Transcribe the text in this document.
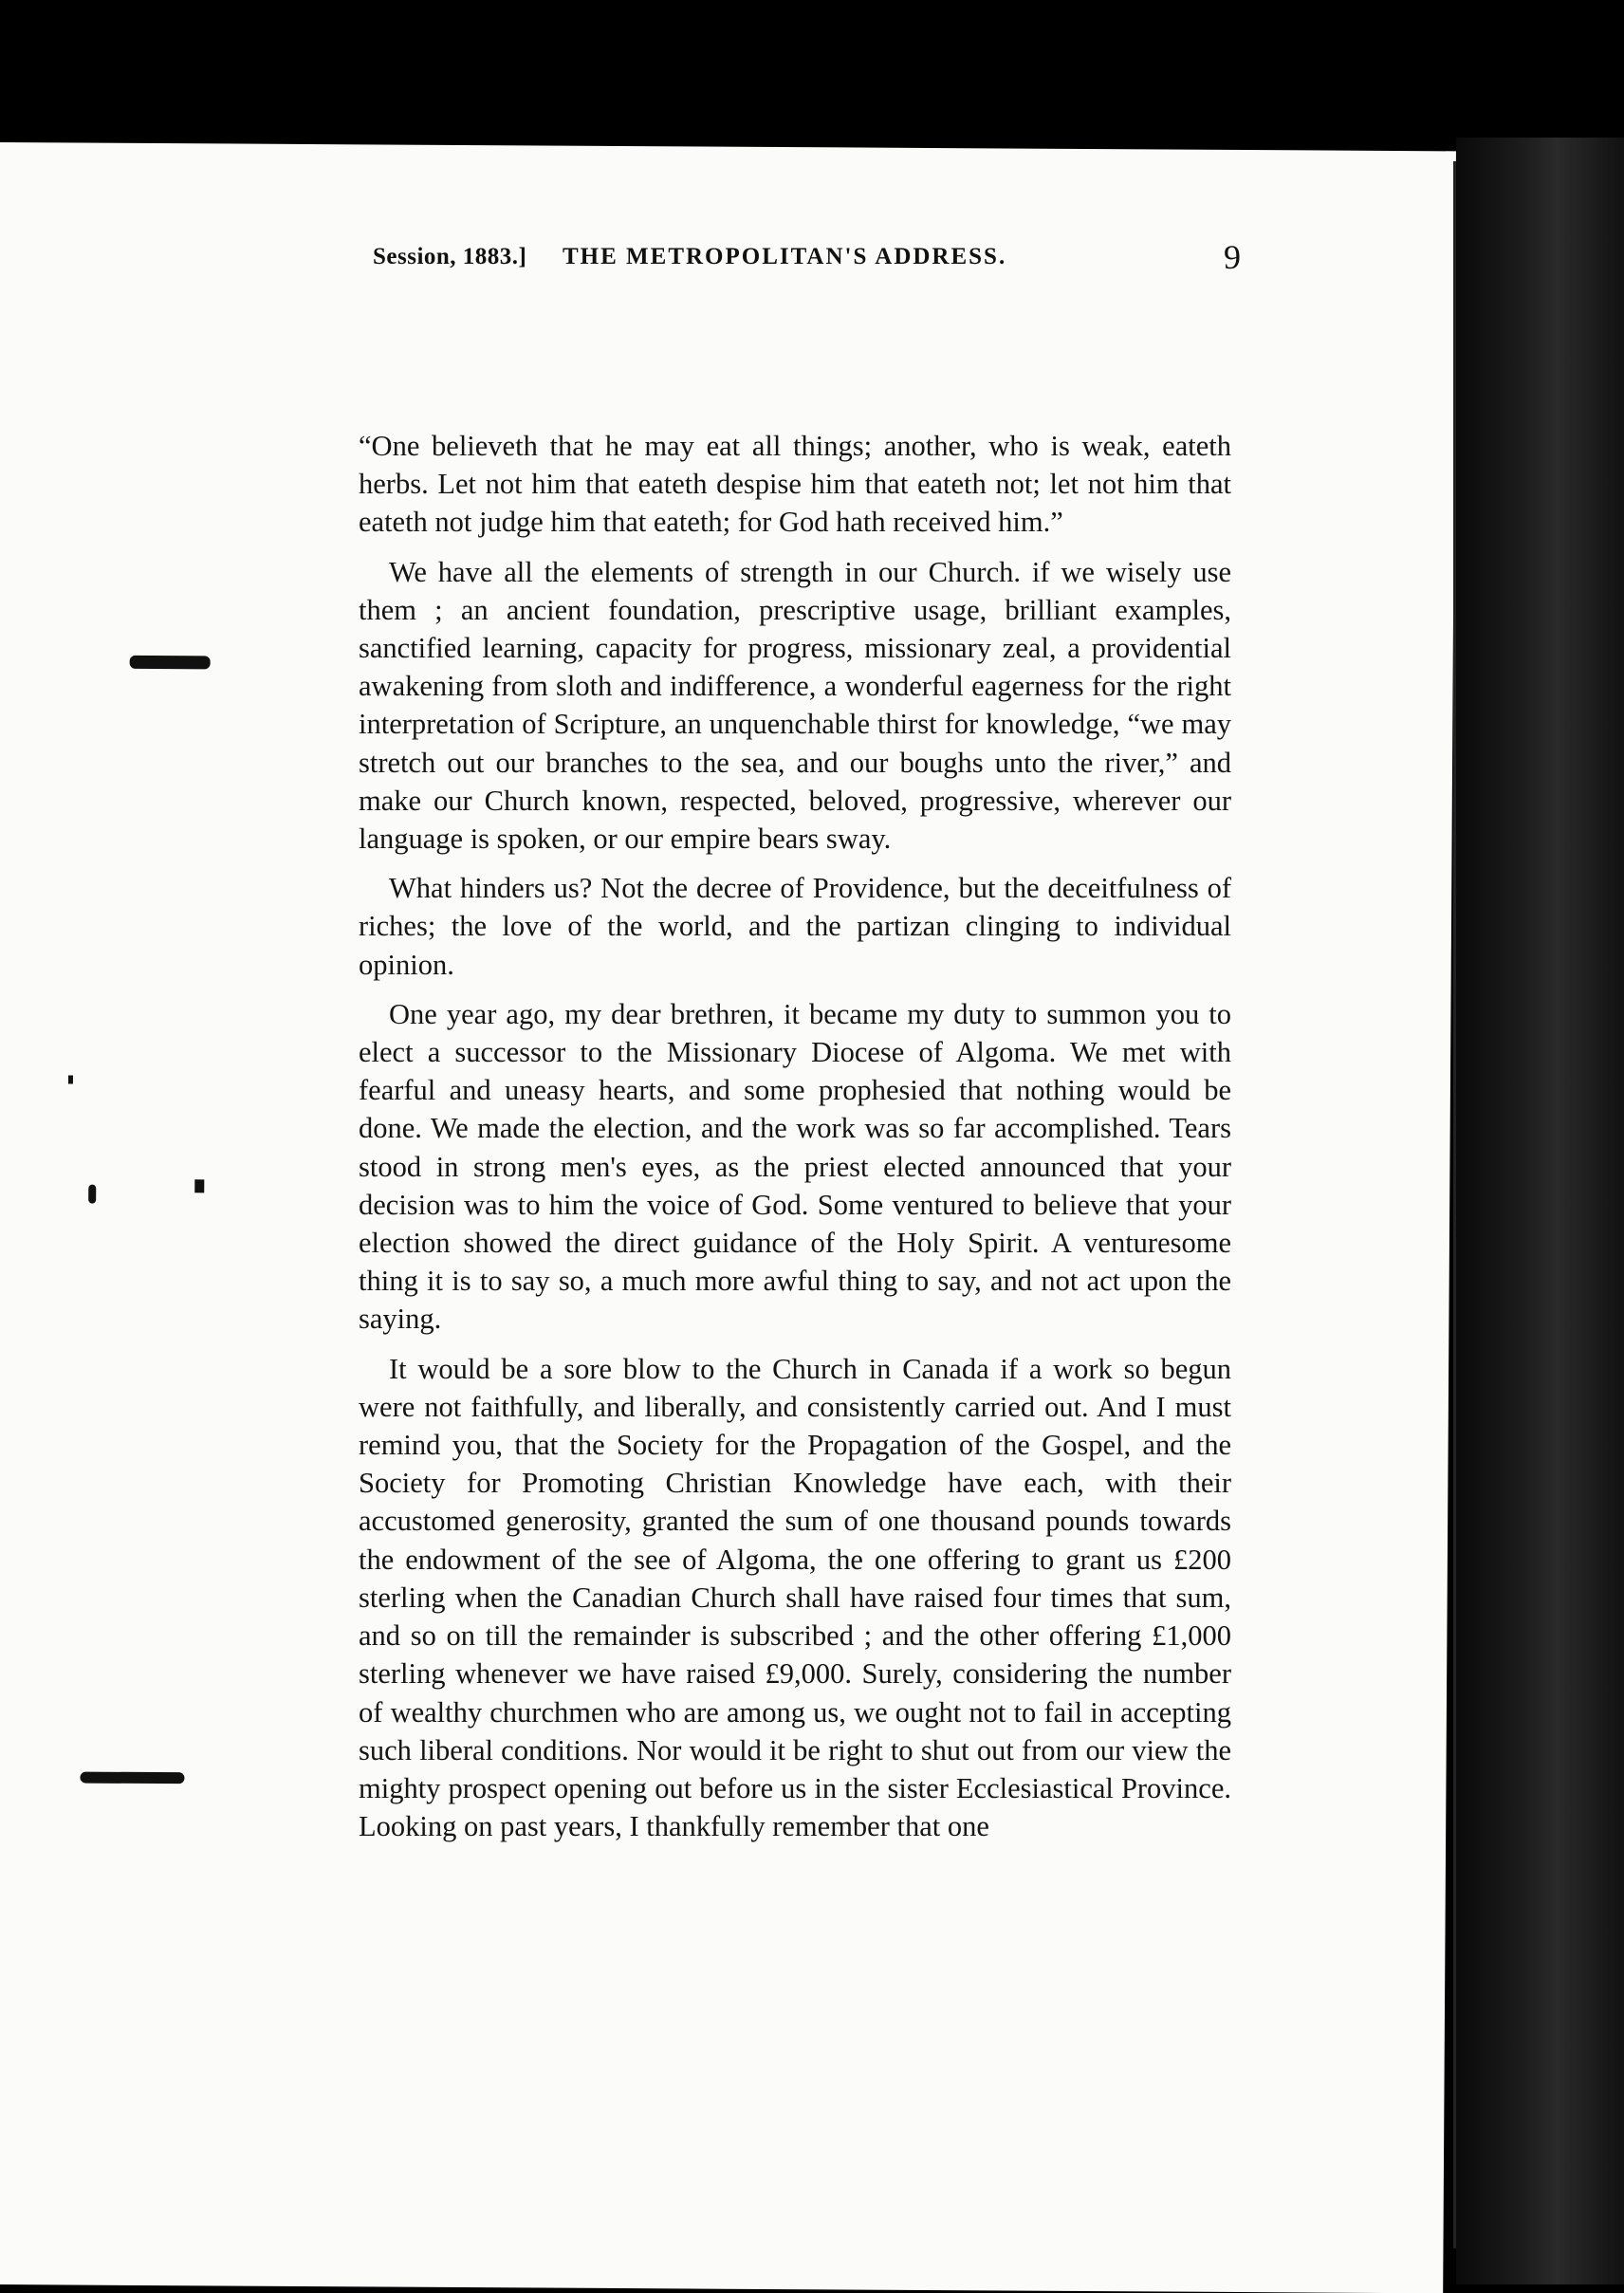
Session, 1883.] THE METROPOLITAN'S ADDRESS.	9

“One believeth that he may eat all things; another, who is weak, eateth herbs. Let not him that eateth despise him that eateth not; let not him that eateth not judge him that eateth; for God hath received him.”

We have all the elements of strength in our Church. if we wisely use them ; an ancient foundation, prescriptive usage, brilliant examples, sanctified learning, capacity for progress, missionary zeal, a providential awakening from sloth and indifference, a wonderful eagerness for the right interpretation of Scripture, an unquenchable thirst for knowledge, “we may stretch out our branches to the sea, and our boughs unto the river,” and make our Church known, respected, beloved, progressive, wherever our language is spoken, or our empire bears sway.

What hinders us? Not the decree of Providence, but the deceitfulness of riches; the love of the world, and the partizan clinging to individual opinion.

One year ago, my dear brethren, it became my duty to summon you to elect a successor to the Missionary Diocese of Algoma. We met with fearful and uneasy hearts, and some prophesied that nothing would be done. We made the election, and the work was so far accomplished. Tears stood in strong men's eyes, as the priest elected announced that your decision was to him the voice of God. Some ventured to believe that your election showed the direct guidance of the Holy Spirit. A venturesome thing it is to say so, a much more awful thing to say, and not act upon the saying.

It would be a sore blow to the Church in Canada if a work so begun were not faithfully, and liberally, and consistently carried out. And I must remind you, that the Society for the Propagation of the Gospel, and the Society for Promoting Christian Knowledge have each, with their accustomed generosity, granted the sum of one thousand pounds towards the endowment of the see of Algoma, the one offering to grant us £200 sterling when the Canadian Church shall have raised four times that sum, and so on till the remainder is subscribed ; and the other offering £1,000 sterling whenever we have raised £9,000. Surely, considering the number of wealthy churchmen who are among us, we ought not to fail in accepting such liberal conditions. Nor would it be right to shut out from our view the mighty prospect opening out before us in the sister Ecclesiastical Province. Looking on past years, I thankfully remember that one
